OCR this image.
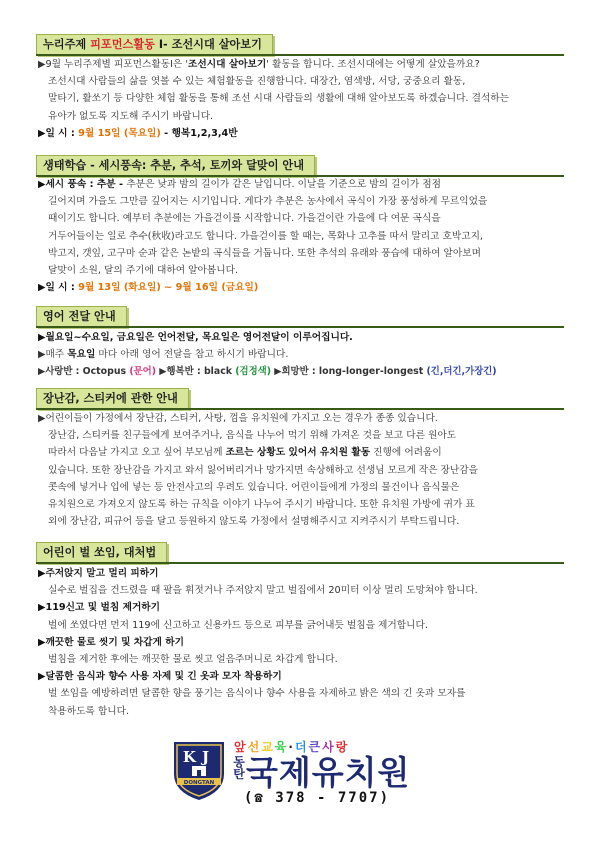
누리주제 피포먼스활동 I- 조선시대 살아보기

▶9월 누리주제별 피포먼스활동Ⅰ은 '조선시대 살아보기' 활동을 합니다. 조선시대에는 어떻게 살았을까요?

조선시대 사람들의 삶을 엿볼 수 있는 체험활동을 진행합니다. 대장간, 염색방, 서당, 궁중요리 활동,

말타기, 활쏘기 등 다양한 체험 활동을 통해 조선 시대 사람들의 생활에 대해 알아보도록 하겠습니다. 결석하는

유아가 없도록 지도해 주시기 바랍니다.

▶일 시 : 9월 15일 (목요일) - 행복1,2,3,4반

생태학습 - 세시풍속: 추분, 추석, 토끼와 달맞이 안내

▶세시 풍속 : 추분 - 추분은 낮과 밤의 길이가 같은 날입니다. 이날을 기준으로 밤의 길이가 점점

길어지며 가을도 그만큼 깊어지는 시기입니다. 게다가 추분은 농사에서 곡식이 가장 풍성하게 무르익었을

때이기도 합니다. 예부터 추분에는 가을걷이를 시작합니다. 가을걷이란 가을에 다 여문 곡식을

거두어들이는 일로 추수(秋收)라고도 합니다. 가을걷이를 할 때는, 목화나 고추를 따서 말리고 호박고지,

박고지, 갯잎, 고구마 순과 같은 논밭의 곡식들을 거둡니다. 또한 추석의 유래와 풍습에 대하여 알아보며

달맞이 소원, 달의 주기에 대하여 알아봅니다.

▶일 시 : 9월 13일 (화요일) ~ 9월 16일 (금요일)

영어 전달 안내

▶월요일~수요일, 금요일은 언어전달, 목요일은 영어전달이 이루어집니다.

▶매주 목요일 마다 아래 영어 전달을 참고 하시기 바랍니다.

▶사랑반 : Octopus (문어) ▶행복반 : black (검정색) ▶희망반 : long-longer-longest (긴,더긴,가장긴)

장난감, 스티커에 관한 안내

▶어린이들이 가정에서 장난감, 스티커, 사탕, 껌을 유치원에 가지고 오는 경우가 종종 있습니다.

장난감, 스티커를 친구들에게 보여주거나, 음식을 나누어 먹기 위해 가져온 것을 보고 다른 원아도

따라서 다음날 가지고 오고 싶어 부모님께 조르는 상황도 있어서 유치원 활동 진행에 어려움이

있습니다. 또한 장난감을 가지고 와서 잃어버리거나 망가지면 속상해하고 선생님 모르게 작은 장난감을

콧속에 넣거나 입에 넣는 등 안전사고의 우려도 있습니다. 어린이들에게 가정의 물건이나 음식물은

유치원으로 가져오지 않도록 하는 규칙을 이야기 나누어 주시기 바랍니다. 또한 유치원 가방에 귀가 표

외에 장난감, 피규어 등을 달고 등원하지 않도록 가정에서 설명해주시고 지켜주시기 부탁드립니다.

어린이 벌 쏘임, 대처법

▶주저앉지 말고 멀리 피하기

실수로 벌집을 건드렸을 때 팔을 휘젓거나 주저앉지 말고 벌집에서 20미터 이상 멀리 도망쳐야 합니다.

▶119신고 및 벌침 제거하기

벌에 쏘였다면 먼저 119에 신고하고 신용카드 등으로 피부를 긁어내듯 벌침을 제거합니다.

▶깨끗한 물로 씻기 및 차갑게 하기

벌침을 제거한 후에는 깨끗한 물로 씻고 얼음주머니로 차갑게 합니다.

▶달콤한 음식과 향수 사용 자제 및 긴 옷과 모자 착용하기

벌 쏘임을 예방하려면 달콤한 향을 풍기는 음식이나 향수 사용을 자제하고 밝은 색의 긴 옷과 모자를

착용하도록 합니다.

DONGTAN
KJ
앞선교육·더큰사랑
동
탄국제유치원
(☎ 378 - 7707)
